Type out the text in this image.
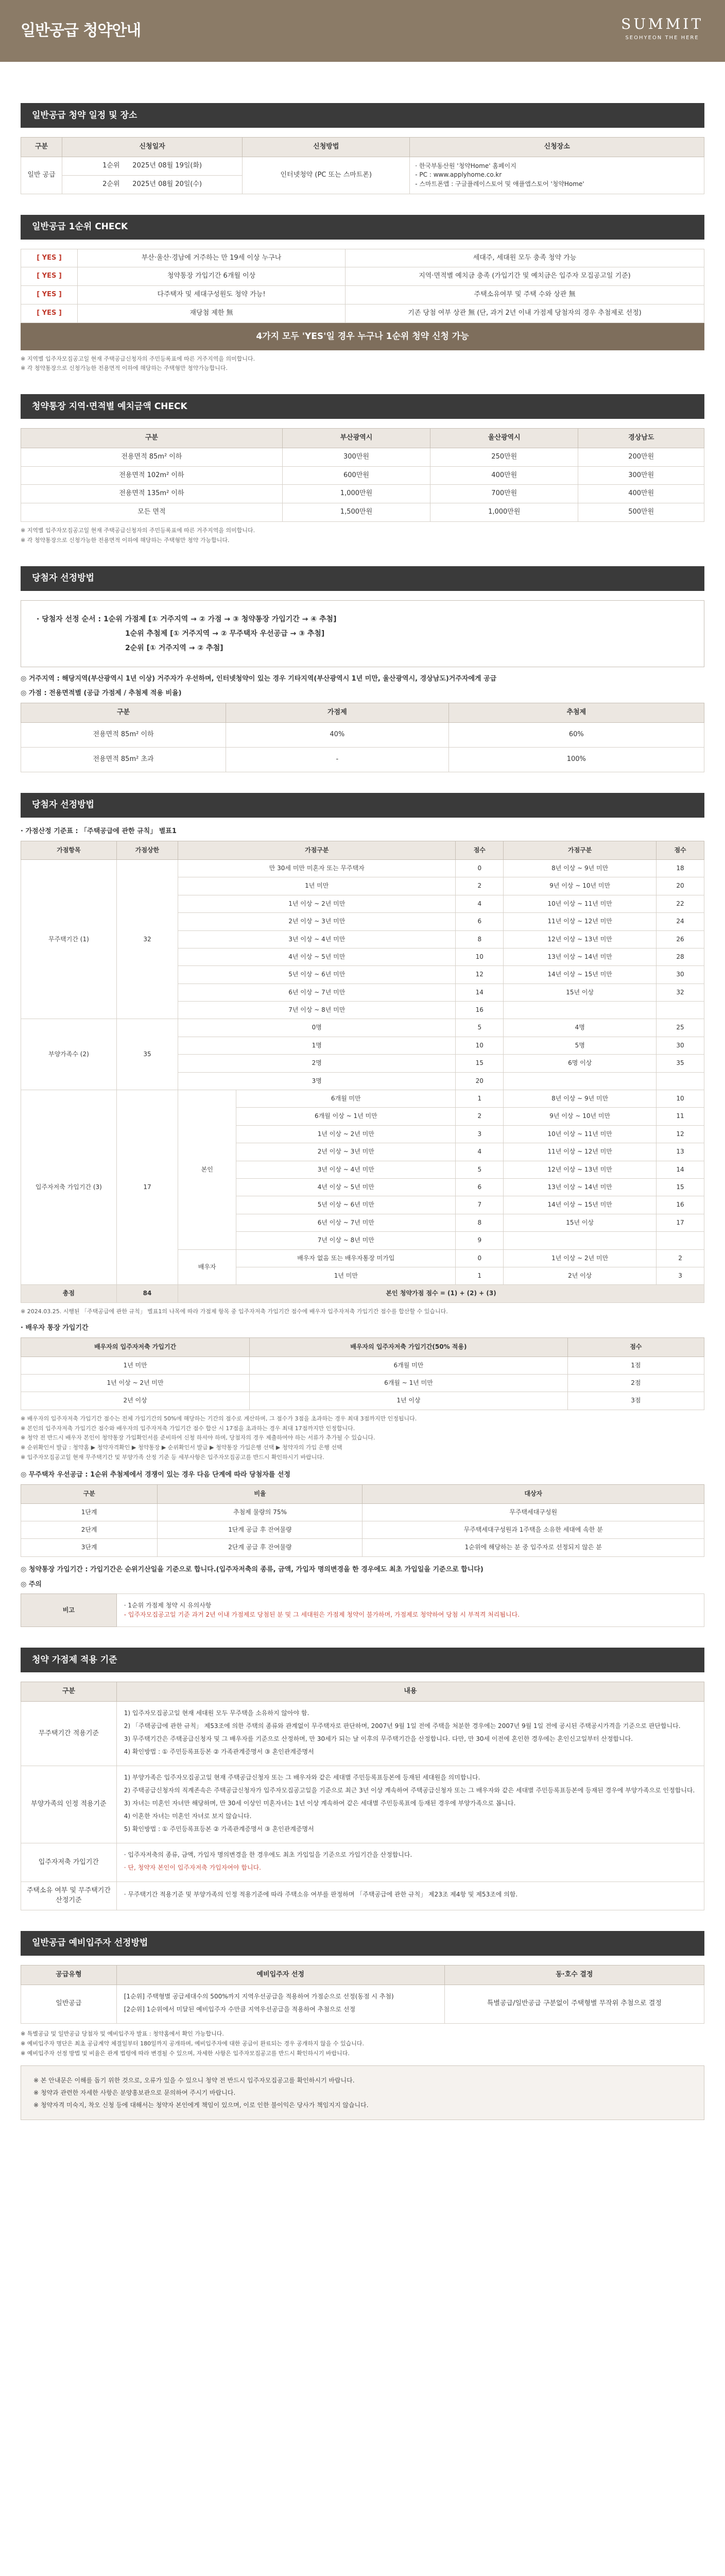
일반공급 청약안내	SUMMIT
SEOHYEON THE HERE
일반공급 청약 일정 및 장소
구분	신청일자	신청방법	신청장소
일반 공급	1순위 2025년 08월 19일(화)	인터넷청약 (PC 또는 스마트폰)	· 한국부동산원 '청약Home' 홈페이지
- PC : www.applyhome.co.kr
- 스마트폰앱 : 구글플레이스토어 및 애플앱스토어 '청약Home'

	2순위 2025년 08월 20일(수)		
일반공급 1순위 CHECK
[ YES ]	부산·울산·경남에 거주하는 만 19세 이상 누구나	세대주, 세대원 모두 충족 청약 가능
[ YES ]	청약통장 가입기간 6개월 이상	지역·면적별 예치금 충족 (가입기간 및 예치금은 입주자 모집공고일 기준)
[ YES ]	다주택자 및 세대구성원도 청약 가능!	주택소유여부 및 주택 수와 상관 無
[ YES ]	재당첨 제한 無	기존 당첨 여부 상관 無 (단, 과거 2년 이내 가점제 당첨자의 경우 추첨제로 선정)
4가지 모두 'YES'일 경우 누구나 1순위 청약 신청 가능
※ 지역별 입주자모집공고일 현재 주택공급신청자의 주민등록표에 따른 거주지역을 의미합니다.
※ 각 청약통장으로 신청가능한 전용면적 이하에 해당하는 주택형만 청약가능합니다.
청약통장 지역·면적별 예치금액 CHECK
구분	부산광역시	울산광역시	경상남도
전용면적 85m² 이하	300만원	250만원	200만원
전용면적 102m² 이하	600만원	400만원	300만원
전용면적 135m² 이하	1,000만원	700만원	400만원
모든 면적	1,500만원	1,000만원	500만원
※ 지역별 입주자모집공고일 현재 주택공급신청자의 주민등록표에 따른 거주지역을 의미합니다.
※ 각 청약통장으로 신청가능한 전용면적 이하에 해당하는 주택형만 청약 가능합니다.
당첨자 선정방법
· 당첨자 선정 순서 : 1순위 가점제 [① 거주지역 → ② 가점 → ③ 청약통장 가입기간 → ④ 추첨]
1순위 추첨제 [① 거주지역 → ② 무주택자 우선공급 → ③ 추첨]
2순위 [① 거주지역 → ② 추첨]
◎ 거주지역 : 해당지역(부산광역시 1년 이상) 거주자가 우선하며, 인터넷청약이 있는 경우 기타지역(부산광역시 1년 미만, 울산광역시, 경상남도)거주자에게 공급
◎ 가점 : 전용면적별 (공급 가점제 / 추첨제 적용 비율)
구분	가점제	추첨제
전용면적 85m² 이하	40%	60%
전용면적 85m² 초과	-	100%
당첨자 선정방법
· 가점산정 기준표 : 「주택공급에 관한 규칙」 별표1
가점항목	가점상한	가점구분		점수	가점구분	점수
무주택기간 (1)	32	만 30세 미만 미혼자 또는 무주택자		0	8년 이상 ~ 9년 미만	18
		1년 미만		2	9년 이상 ~ 10년 미만	20
		1년 이상 ~ 2년 미만		4	10년 이상 ~ 11년 미만	22
		2년 이상 ~ 3년 미만		6	11년 이상 ~ 12년 미만	24
		3년 이상 ~ 4년 미만		8	12년 이상 ~ 13년 미만	26
		4년 이상 ~ 5년 미만		10	13년 이상 ~ 14년 미만	28
		5년 이상 ~ 6년 미만		12	14년 이상 ~ 15년 미만	30
		6년 이상 ~ 7년 미만		14	15년 이상	32
		7년 이상 ~ 8년 미만		16		
부양가족수 (2)	35	0명		5	4명	25
		1명		10	5명	30
		2명		15	6명 이상	35
		3명		20		
입주자저축 가입기간 (3)	17	본인	6개월 미만	1	8년 이상 ~ 9년 미만	10
			6개월 이상 ~ 1년 미만	2	9년 이상 ~ 10년 미만	11
			1년 이상 ~ 2년 미만	3	10년 이상 ~ 11년 미만	12
			2년 이상 ~ 3년 미만	4	11년 이상 ~ 12년 미만	13
			3년 이상 ~ 4년 미만	5	12년 이상 ~ 13년 미만	14
			4년 이상 ~ 5년 미만	6	13년 이상 ~ 14년 미만	15
			5년 이상 ~ 6년 미만	7	14년 이상 ~ 15년 미만	16
			6년 이상 ~ 7년 미만	8	15년 이상	17
			7년 이상 ~ 8년 미만	9		
		배우자	배우자 없음 또는 배우자통장 미가입	0	1년 이상 ~ 2년 미만	2
			1년 미만	1	2년 이상	3
총점	84	본인 청약가점 점수 = (1) + (2) + (3)				
※ 2024.03.25. 시행된 「주택공급에 관한 규칙」 별표1의 나목에 따라 가점제 항목 중 입주자저축 가입기간 점수에 배우자 입주자저축 가입기간 점수를 합산할 수 있습니다.
· 배우자 통장 가입기간
배우자의 입주자저축 가입기간	배우자의 입주자저축 가입기간(50% 적용)	점수
1년 미만	6개월 미만	1점
1년 이상 ~ 2년 미만	6개월 ~ 1년 미만	2점
2년 이상	1년 이상	3점
※ 배우자의 입주자저축 가입기간 점수는 전체 가입기간의 50%에 해당하는 기간의 점수로 계산하며, 그 점수가 3점을 초과하는 경우 최대 3점까지만 인정됩니다.
※ 본인의 입주자저축 가입기간 점수와 배우자의 입주자저축 가입기간 점수 합산 시 17점을 초과하는 경우 최대 17점까지만 인정합니다.
※ 청약 전 반드시 배우자 본인이 청약통장 가입확인서를 준비하여 신청 하셔야 하며, 당첨자의 경우 제출하여야 하는 서류가 추가될 수 있습니다.
※ 순위확인서 발급 : 청약홈 ▶ 청약자격확인 ▶ 청약통장 ▶ 순위확인서 발급 ▶ 청약통장 가입은행 선택 ▶ 청약자의 가입 은행 선택
※ 입주자모집공고일 현재 무주택기간 및 부양가족 산정 기준 등 세부사항은 입주자모집공고를 반드시 확인하시기 바랍니다.
◎ 무주택자 우선공급 : 1순위 추첨제에서 경쟁이 있는 경우 다음 단계에 따라 당첨자를 선정
구분	비율	대상자
1단계	추첨제 물량의 75%	무주택세대구성원
2단계	1단계 공급 후 잔여물량	무주택세대구성원과 1주택을 소유한 세대에 속한 분
3단계	2단계 공급 후 잔여물량	1순위에 해당하는 분 중 입주자로 선정되지 않은 분
◎ 청약통장 가입기간 : 가입기간은 순위기산일을 기준으로 합니다.(입주자저축의 종류, 금액, 가입자 명의변경을 한 경우에도 최초 가입일을 기준으로 합니다)
◎ 주의
비고	
· 1순위 가점제 청약 시 유의사항
- 입주자모집공고일 기준 과거 2년 이내 가점제로 당첨된 분 및 그 세대원은 가점제 청약이 불가하며, 가점제로 청약하여 당첨 시 부적격 처리됩니다.
청약 가점제 적용 기준
구분	내용
무주택기간 적용기준	1) 입주자모집공고일 현재 세대원 모두 무주택을 소유하지 않아야 함.

2) 「주택공급에 관한 규칙」 제53조에 의한 주택의 종류와 관계없이 무주택자로 판단하며, 2007년 9월 1일 전에 주택을 처분한 경우에는 2007년 9월 1일 전에 공시된 주택공시가격을 기준으로 판단합니다.

3) 무주택기간은 주택공급신청자 및 그 배우자를 기준으로 산정하며, 만 30세가 되는 날 이후의 무주택기간을 산정합니다. 다만, 만 30세 이전에 혼인한 경우에는 혼인신고일부터 산정합니다.

4) 확인방법 : ① 주민등록표등본 ② 가족관계증명서 ③ 혼인관계증명서

부양가족의 인정 적용기준	1) 부양가족은 입주자모집공고일 현재 주택공급신청자 또는 그 배우자와 같은 세대별 주민등록표등본에 등재된 세대원을 의미합니다.

2) 주택공급신청자의 직계존속은 주택공급신청자가 입주자모집공고일을 기준으로 최근 3년 이상 계속하여 주택공급신청자 또는 그 배우자와 같은 세대별 주민등록표등본에 등재된 경우에 부양가족으로 인정합니다.

3) 자녀는 미혼인 자녀만 해당하며, 만 30세 이상인 미혼자녀는 1년 이상 계속하여 같은 세대별 주민등록표에 등재된 경우에 부양가족으로 봅니다.

4) 이혼한 자녀는 미혼인 자녀로 보지 않습니다.

5) 확인방법 : ① 주민등록표등본 ② 가족관계증명서 ③ 혼인관계증명서

입주자저축 가입기간	· 입주자저축의 종류, 금액, 가입자 명의변경을 한 경우에도 최초 가입일을 기준으로 가입기간을 산정합니다.

· 단, 청약자 본인이 입주자저축 가입자여야 합니다.

주택소유 여부 및 무주택기간 산정기준	· 무주택기간 적용기준 및 부양가족의 인정 적용기준에 따라 주택소유 여부를 판정하며 「주택공급에 관한 규칙」 제23조 제4항 및 제53조에 의함.

일반공급 예비입주자 선정방법
공급유형	예비입주자 선정	동·호수 결정
일반공급	[1순위] 주택형별 공급세대수의 500%까지 지역우선공급을 적용하여 가점순으로 선정(동점 시 추첨)

[2순위] 1순위에서 미달된 예비입주자 수만큼 지역우선공급을 적용하여 추첨으로 선정	특별공급/일반공급 구분없이 주택형별 무작위 추첨으로 결정
※ 특별공급 및 일반공급 당첨자 및 예비입주자 발표 : 청약홈에서 확인 가능합니다.
※ 예비입주자 명단은 최초 공급계약 체결일부터 180일까지 공개하며, 예비입주자에 대한 공급이 완료되는 경우 공개하지 않을 수 있습니다.
※ 예비입주자 선정 방법 및 비율은 관계 법령에 따라 변경될 수 있으며, 자세한 사항은 입주자모집공고를 반드시 확인하시기 바랍니다.
※ 본 안내문은 이해를 돕기 위한 것으로, 오류가 있을 수 있으니 청약 전 반드시 입주자모집공고를 확인하시기 바랍니다.
※ 청약과 관련한 자세한 사항은 분양홍보관으로 문의하여 주시기 바랍니다.
※ 청약자격 미숙지, 착오 신청 등에 대해서는 청약자 본인에게 책임이 있으며, 이로 인한 불이익은 당사가 책임지지 않습니다.
